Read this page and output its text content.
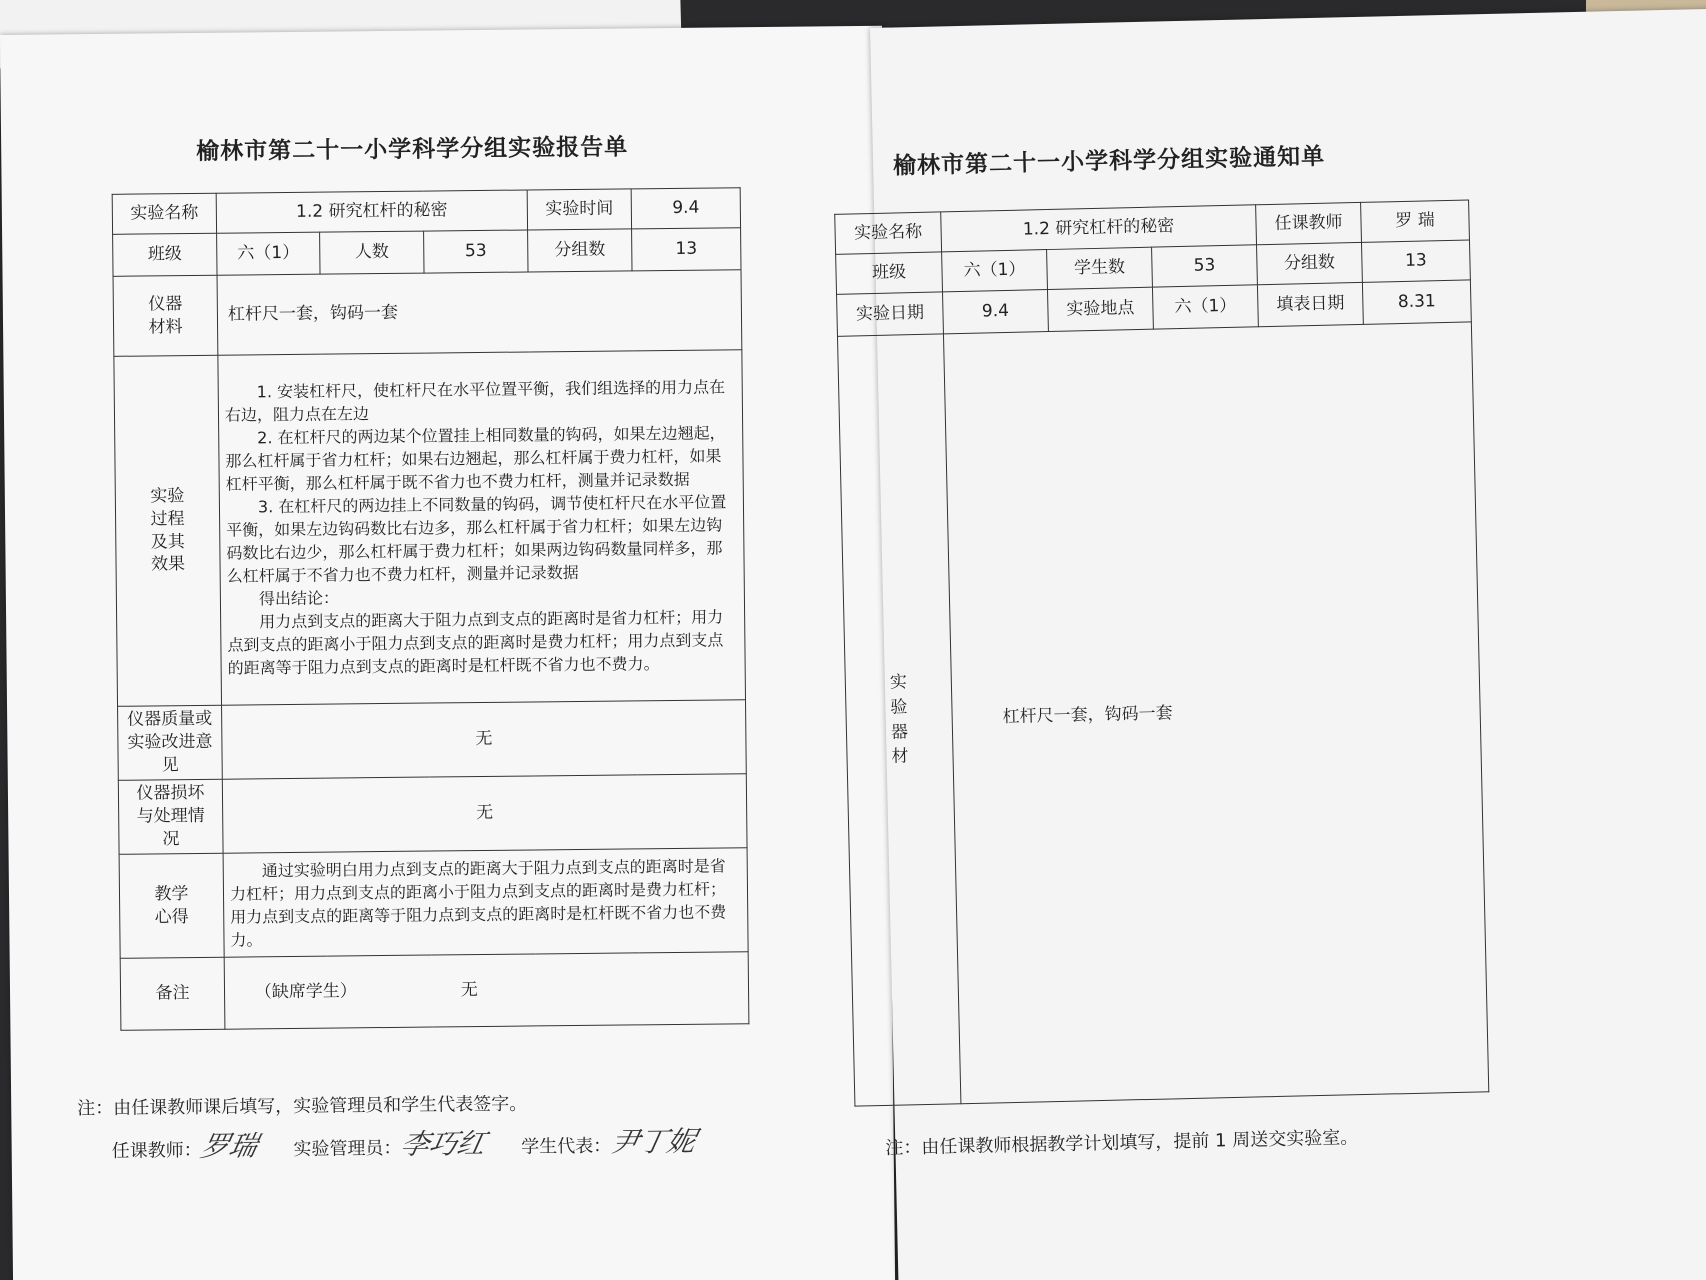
榆林市第二十一小学科学分组实验报告单
实验名称	1.2 研究杠杆的秘密			实验时间	9.4
班级	六（1）	人数	53	分组数	13
仪器材料	杠杆尺一套，钩码一套				
实验过程及其效果	1. 安装杠杆尺，使杠杆尺在水平位置平衡，我们组选择的用力点在右边，阻力点在左边

2. 在杠杆尺的两边某个位置挂上相同数量的钩码，如果左边翘起，那么杠杆属于省力杠杆；如果右边翘起，那么杠杆属于费力杠杆，如果杠杆平衡，那么杠杆属于既不省力也不费力杠杆，测量并记录数据

3. 在杠杆尺的两边挂上不同数量的钩码，调节使杠杆尺在水平位置平衡，如果左边钩码数比右边多，那么杠杆属于省力杠杆；如果左边钩码数比右边少，那么杠杆属于费力杠杆；如果两边钩码数量同样多，那么杠杆属于不省力也不费力杠杆，测量并记录数据

得出结论：

用力点到支点的距离大于阻力点到支点的距离时是省力杠杆；用力点到支点的距离小于阻力点到支点的距离时是费力杠杆；用力点到支点的距离等于阻力点到支点的距离时是杠杆既不省力也不费力。				

仪器质量或实验改进意见	无				
仪器损坏与处理情况	无				
教学心得	通过实验明白用力点到支点的距离大于阻力点到支点的距离时是省力杠杆；用力点到支点的距离小于阻力点到支点的距离时是费力杠杆；用力点到支点的距离等于阻力点到支点的距离时是杠杆既不省力也不费力。				

备注	（缺席学生） 无				
注：由任课教师课后填写，实验管理员和学生代表签字。
任课教师：罗瑞 实验管理员：李巧红 学生代表：尹丁妮
榆林市第二十一小学科学分组实验通知单
实验名称	1.2 研究杠杆的秘密			任课教师	罗 瑞
班级	六（1）	学生数	53	分组数	13
实验日期	9.4	实验地点	六（1）	填表日期	8.31
实验器材	杠杆尺一套，钩码一套				
注：由任课教师根据教学计划填写，提前 1 周送交实验室。
